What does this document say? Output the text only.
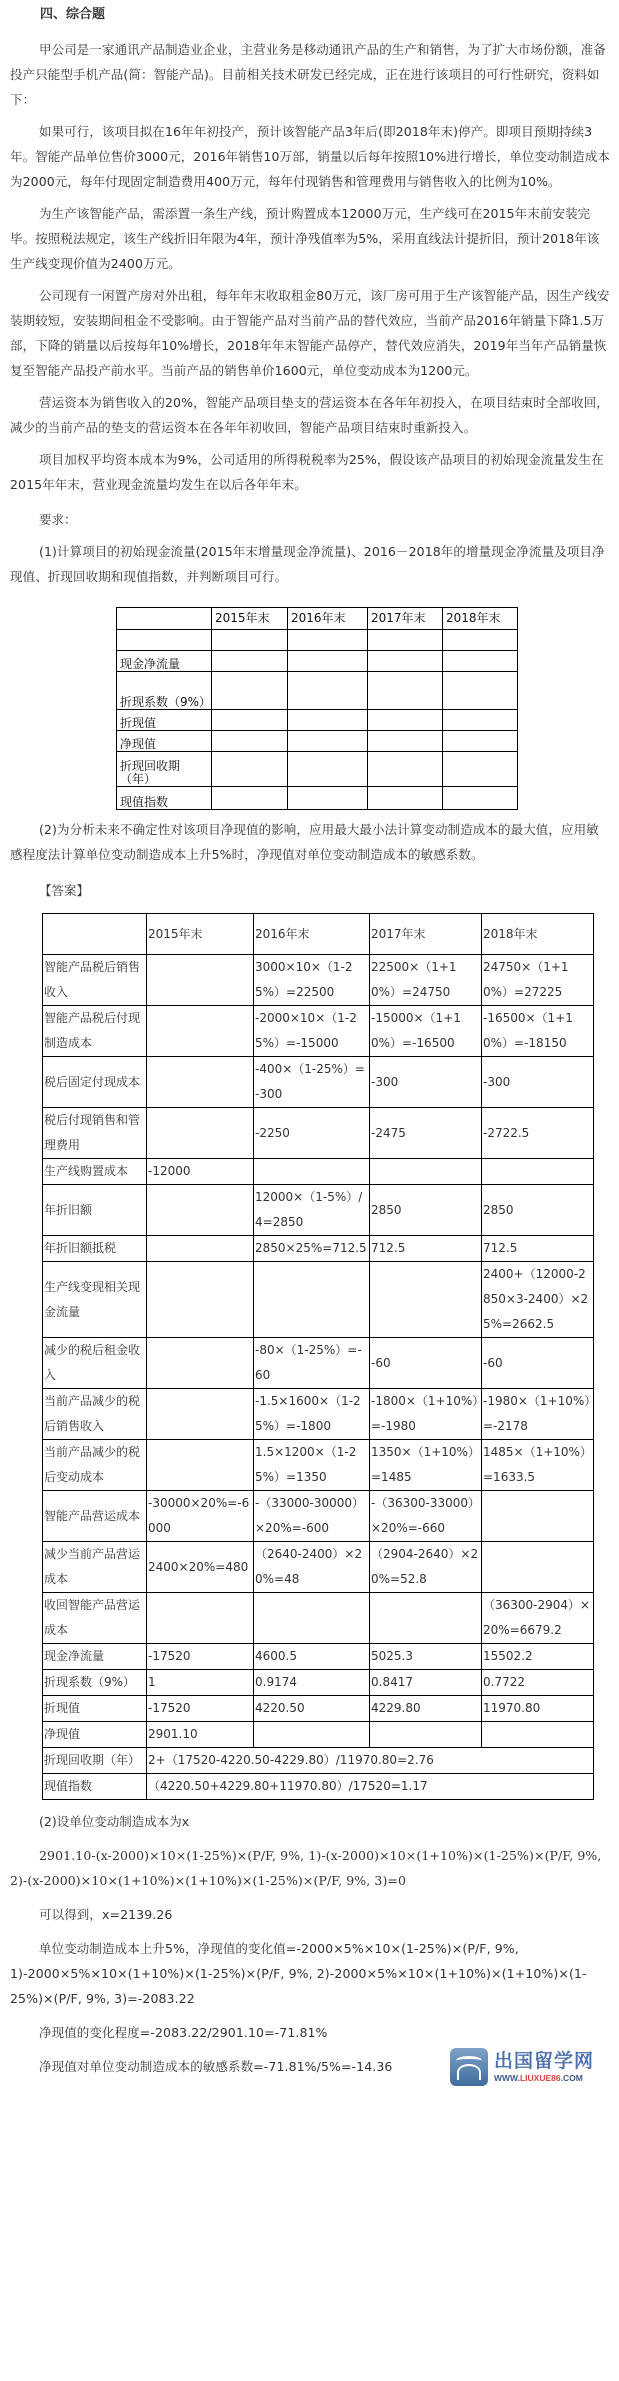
四、综合题

甲公司是一家通讯产品制造业企业，主营业务是移动通讯产品的生产和销售，为了扩大市场份额，准备投产只能型手机产品(简：智能产品)。目前相关技术研发已经完成，正在进行该项目的可行性研究，资料如下：

如果可行，该项目拟在16年年初投产，预计该智能产品3年后(即2018年末)停产。即项目预期持续3年。智能产品单位售价3000元，2016年销售10万部，销量以后每年按照10%进行增长，单位变动制造成本为2000元，每年付现固定制造费用400万元，每年付现销售和管理费用与销售收入的比例为10%。

为生产该智能产品，需添置一条生产线，预计购置成本12000万元，生产线可在2015年末前安装完毕。按照税法规定，该生产线折旧年限为4年，预计净残值率为5%，采用直线法计提折旧，预计2018年该生产线变现价值为2400万元。

公司现有一闲置产房对外出租，每年年末收取租金80万元，该厂房可用于生产该智能产品，因生产线安装期较短，安装期间租金不受影响。由于智能产品对当前产品的替代效应，当前产品2016年销量下降1.5万部，下降的销量以后按每年10%增长，2018年年末智能产品停产，替代效应消失，2019年当年产品销量恢复至智能产品投产前水平。当前产品的销售单价1600元，单位变动成本为1200元。

营运资本为销售收入的20%，智能产品项目垫支的营运资本在各年年初投入，在项目结束时全部收回，减少的当前产品的垫支的营运资本在各年年初收回，智能产品项目结束时重新投入。

项目加权平均资本成本为9%，公司适用的所得税税率为25%，假设该产品项目的初始现金流量发生在2015年年末，营业现金流量均发生在以后各年年末。

要求：

(1)计算项目的初始现金流量(2015年末增量现金净流量)、2016－2018年的增量现金净流量及项目净现值、折现回收期和现值指数，并判断项目可行。

	2015年末	2016年末	2017年末	2018年末

现金净流量				
折现系数（9%）				
折现值				
净现值				
折现回收期（年）				
现值指数				

(2)为分析未来不确定性对该项目净现值的影响，应用最大最小法计算变动制造成本的最大值，应用敏感程度法计算单位变动制造成本上升5%时，净现值对单位变动制造成本的敏感系数。

【答案】
	2015年末	2016年末	2017年末	2018年末
智能产品税后销售收入		3000×10×（1-25%）=22500	22500×（1+10%）=24750	24750×（1+10%）=27225
智能产品税后付现制造成本		-2000×10×（1-25%）=-15000	-15000×（1+10%）=-16500	-16500×（1+10%）=-18150
税后固定付现成本		-400×（1-25%）=-300	-300	-300
税后付现销售和管理费用		-2250	-2475	-2722.5
生产线购置成本	-12000			
年折旧额		12000×（1-5%）/4=2850	2850	2850
年折旧额抵税		2850×25%=712.5	712.5	712.5
生产线变现相关现金流量				2400+（12000-2850×3-2400）×25%=2662.5
减少的税后租金收入		-80×（1-25%）=-60	-60	-60
当前产品减少的税后销售收入		-1.5×1600×（1-25%）=-1800	-1800×（1+10%）=-1980	-1980×（1+10%）=-2178
当前产品减少的税后变动成本		1.5×1200×（1-25%）=1350	1350×（1+10%）=1485	1485×（1+10%）=1633.5
智能产品营运成本	-30000×20%=-6000	-（33000-30000）×20%=-600	-（36300-33000）×20%=-660	
减少当前产品营运成本	2400×20%=480	（2640-2400）×20%=48	（2904-2640）×20%=52.8	
收回智能产品营运成本				（36300-2904）×20%=6679.2
现金净流量	-17520	4600.5	5025.3	15502.2
折现系数（9%）	1	0.9174	0.8417	0.7722
折现值	-17520	4220.50	4229.80	11970.80
净现值	2901.10			
折现回收期（年）	2+（17520-4220.50-4229.80）/11970.80=2.76			
现值指数	（4220.50+4229.80+11970.80）/17520=1.17			

(2)设单位变动制造成本为x

2901.10-(x-2000)×10×(1-25%)×(P/F, 9%, 1)-(x-2000)×10×(1+10%)×(1-25%)×(P/F, 9%, 2)-(x-2000)×10×(1+10%)×(1+10%)×(1-25%)×(P/F, 9%, 3)=0

可以得到，x=2139.26

单位变动制造成本上升5%，净现值的变化值=-2000×5%×10×(1-25%)×(P/F, 9%, 1)-2000×5%×10×(1+10%)×(1-25%)×(P/F, 9%, 2)-2000×5%×10×(1+10%)×(1+10%)×(1-25%)×(P/F, 9%, 3)=-2083.22

净现值的变化程度=-2083.22/2901.10=-71.81%

净现值对单位变动制造成本的敏感系数=-71.81%/5%=-14.36	出国留学网
WWW.LIUXUE86.COM
